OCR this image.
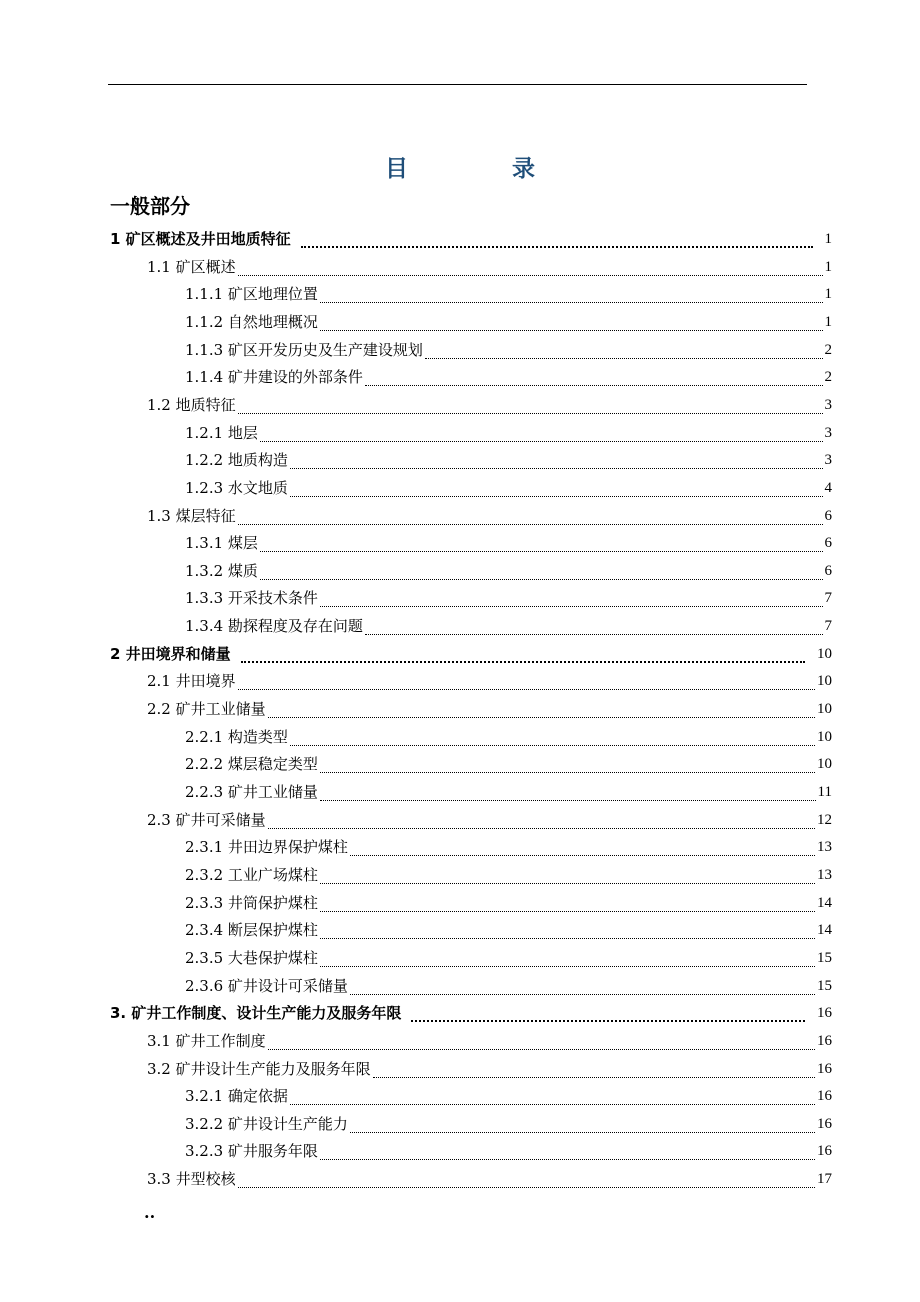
目 录
一般部分
1 矿区概述及井田地质特征	1
1.1 矿区概述	1
1.1.1 矿区地理位置	1
1.1.2 自然地理概况	1
1.1.3 矿区开发历史及生产建设规划	2
1.1.4 矿井建设的外部条件	2
1.2 地质特征	3
1.2.1 地层	3
1.2.2 地质构造	3
1.2.3 水文地质	4
1.3 煤层特征	6
1.3.1 煤层	6
1.3.2 煤质	6
1.3.3 开采技术条件	7
1.3.4 勘探程度及存在问题	7
2 井田境界和储量	10
2.1 井田境界	10
2.2 矿井工业储量	10
2.2.1 构造类型	10
2.2.2 煤层稳定类型	10
2.2.3 矿井工业储量	11
2.3 矿井可采储量	12
2.3.1 井田边界保护煤柱	13
2.3.2 工业广场煤柱	13
2.3.3 井筒保护煤柱	14
2.3.4 断层保护煤柱	14
2.3.5 大巷保护煤柱	15
2.3.6 矿井设计可采储量	15
3. 矿井工作制度、设计生产能力及服务年限	16
3.1 矿井工作制度	16
3.2 矿井设计生产能力及服务年限	16
3.2.1 确定依据	16
3.2.2 矿井设计生产能力	16
3.2.3 矿井服务年限	16
3.3 井型校核	17
..
